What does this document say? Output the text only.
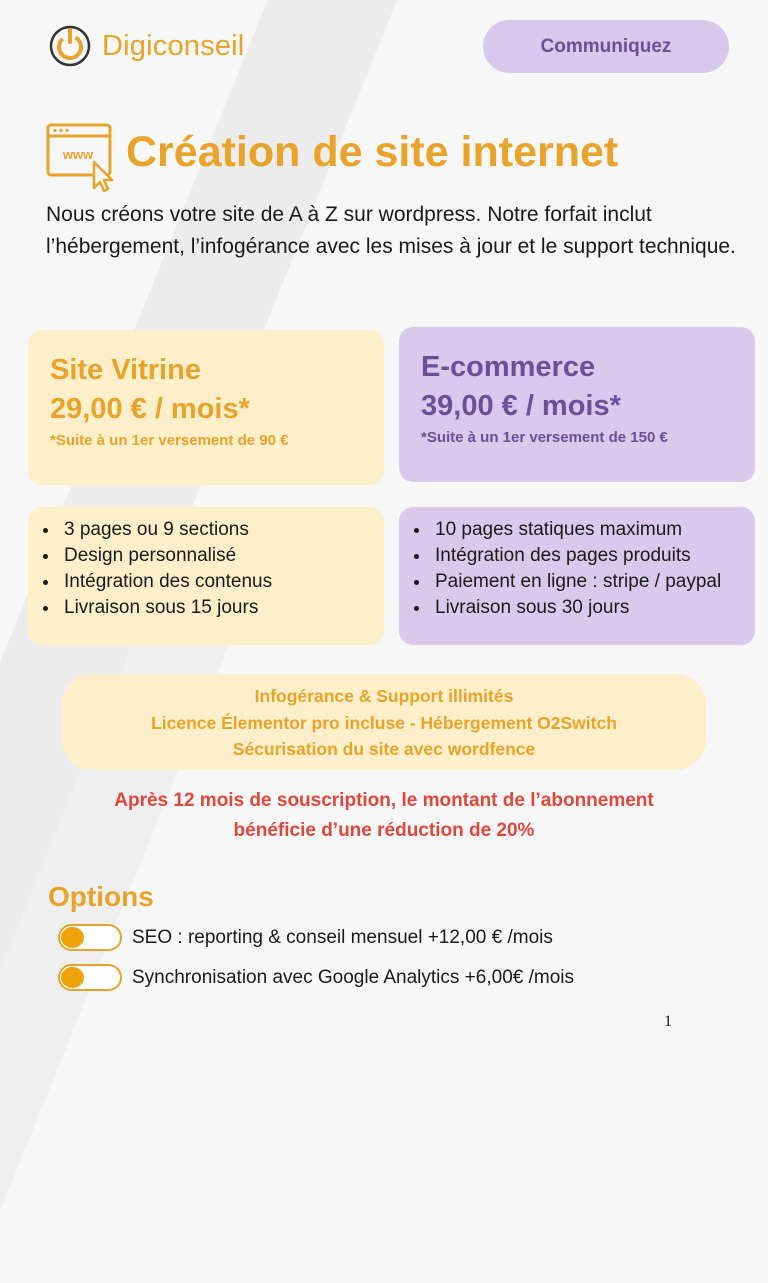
Digiconseil	Communiquez
www Création de site internet
Nous créons votre site de A à Z sur wordpress. Notre forfait inclut l’hébergement, l’infogérance avec les mises à jour et le support technique.
Site Vitrine
29,00 € / mois*
*Suite à un 1er versement de 90 €
E-commerce
39,00 € / mois*
*Suite à un 1er versement de 150 €
• 3 pages ou 9 sections
• Design personnalisé
• Intégration des contenus
• Livraison sous 15 jours
• 10 pages statiques maximum
• Intégration des pages produits
• Paiement en ligne : stripe / paypal
• Livraison sous 30 jours
Infogérance & Support illimités
Licence Élementor pro incluse - Hébergement O2Switch
Sécurisation du site avec wordfence
Après 12 mois de souscription, le montant de l’abonnement
bénéficie d’une réduction de 20%
Options
SEO : reporting & conseil mensuel +12,00 € /mois
Synchronisation avec Google Analytics +6,00€ /mois
1
